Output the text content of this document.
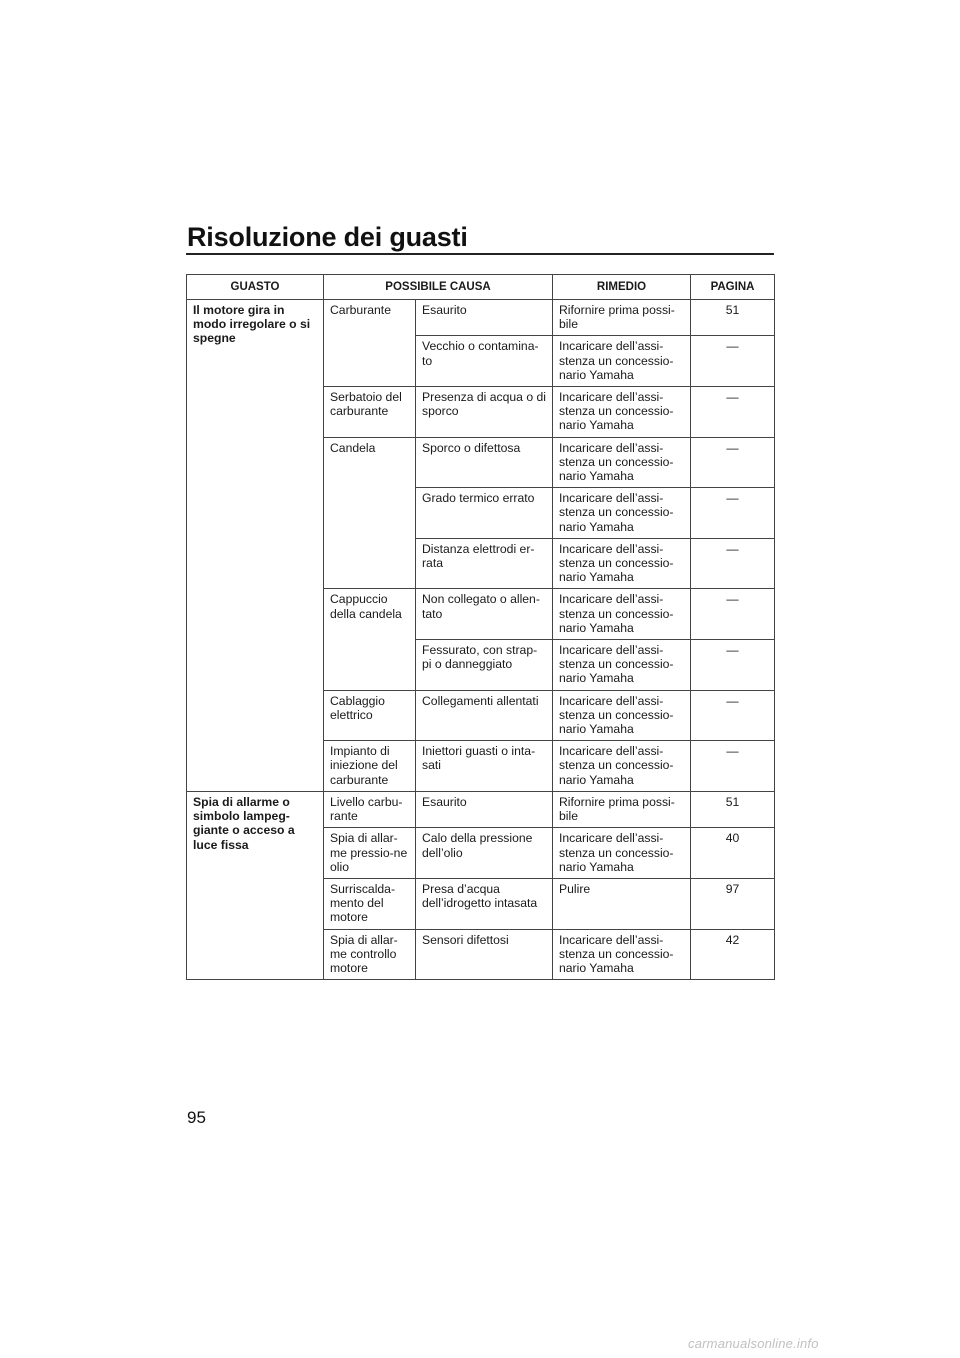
Risoluzione dei guasti
GUASTO	POSSIBILE CAUSA		RIMEDIO	PAGINA
Il motore gira in modo irregolare o si spegne	Carburante	Esaurito	Rifornire prima possi-bile	51
		Vecchio o contamina-to	Incaricare dell’assi-stenza un concessio-nario Yamaha	—
	Serbatoio del carburante	Presenza di acqua o di sporco	Incaricare dell’assi-stenza un concessio-nario Yamaha	—
	Candela	Sporco o difettosa	Incaricare dell’assi-stenza un concessio-nario Yamaha	—
		Grado termico errato	Incaricare dell’assi-stenza un concessio-nario Yamaha	—
		Distanza elettrodi er-rata	Incaricare dell’assi-stenza un concessio-nario Yamaha	—
	Cappuccio della candela	Non collegato o allen-tato	Incaricare dell’assi-stenza un concessio-nario Yamaha	—
		Fessurato, con strap-pi o danneggiato	Incaricare dell’assi-stenza un concessio-nario Yamaha	—
	Cablaggio elettrico	Collegamenti allentati	Incaricare dell’assi-stenza un concessio-nario Yamaha	—
	Impianto di iniezione del carburante	Iniettori guasti o inta-sati	Incaricare dell’assi-stenza un concessio-nario Yamaha	—
Spia di allarme o simbolo lampeg-giante o acceso a luce fissa	Livello carbu-rante	Esaurito	Rifornire prima possi-bile	51
	Spia di allar-me pressio-ne olio	Calo della pressione dell’olio	Incaricare dell’assi-stenza un concessio-nario Yamaha	40
	Surriscalda-mento del motore	Presa d’acqua dell’idrogetto intasata	Pulire	97
	Spia di allar-me controllo motore	Sensori difettosi	Incaricare dell’assi-stenza un concessio-nario Yamaha	42
95
carmanualsonline.info
